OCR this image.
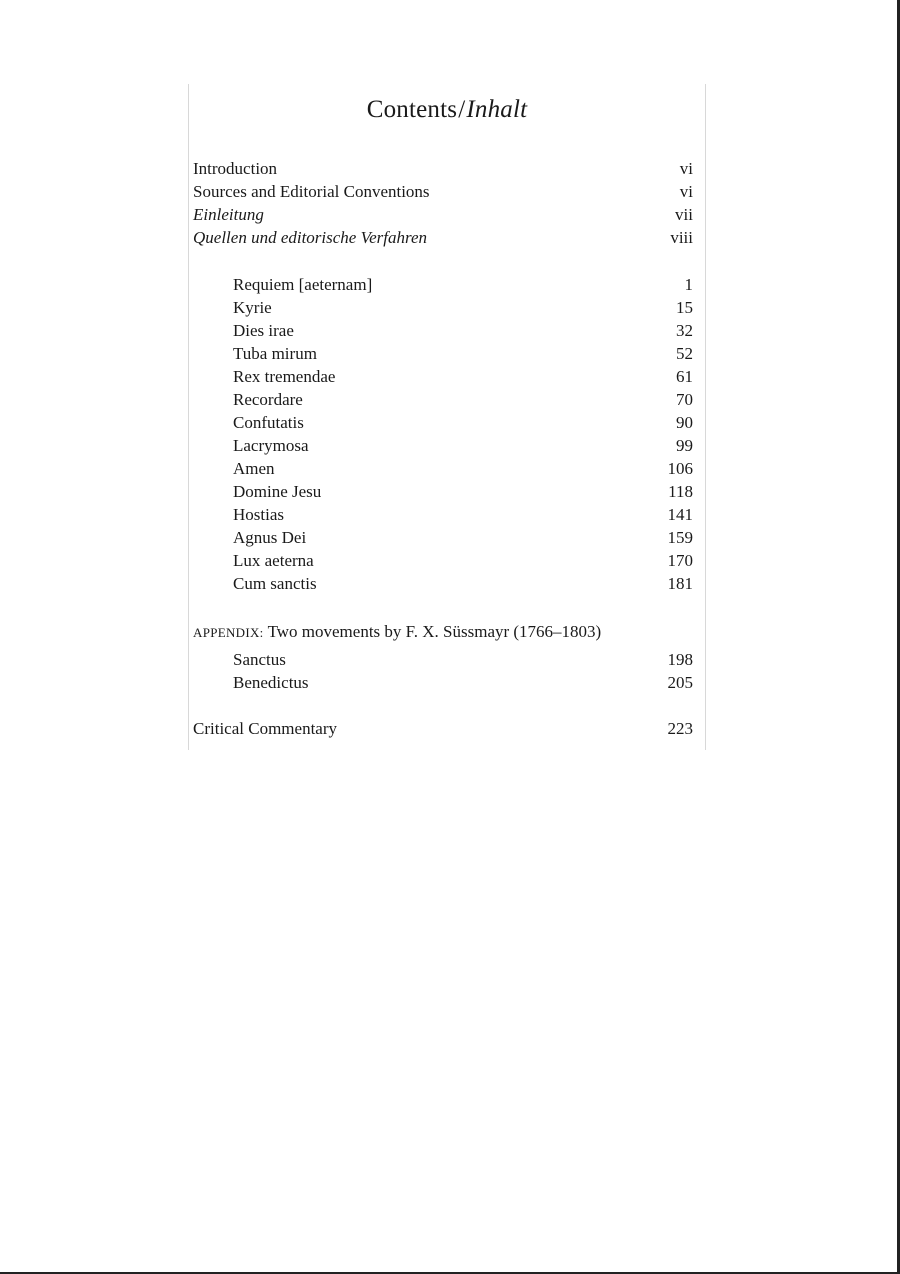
Contents/Inhalt
Introduction	vi
Sources and Editorial Conventions	vi
Einleitung	vii
Quellen und editorische Verfahren	viii
Requiem [aeternam]	1
Kyrie	15
Dies irae	32
Tuba mirum	52
Rex tremendae	61
Recordare	70
Confutatis	90
Lacrymosa	99
Amen	106
Domine Jesu	118
Hostias	141
Agnus Dei	159
Lux aeterna	170
Cum sanctis	181
APPENDIX: Two movements by F. X. Süssmayr (1766–1803)
Sanctus	198
Benedictus	205
Critical Commentary	223
